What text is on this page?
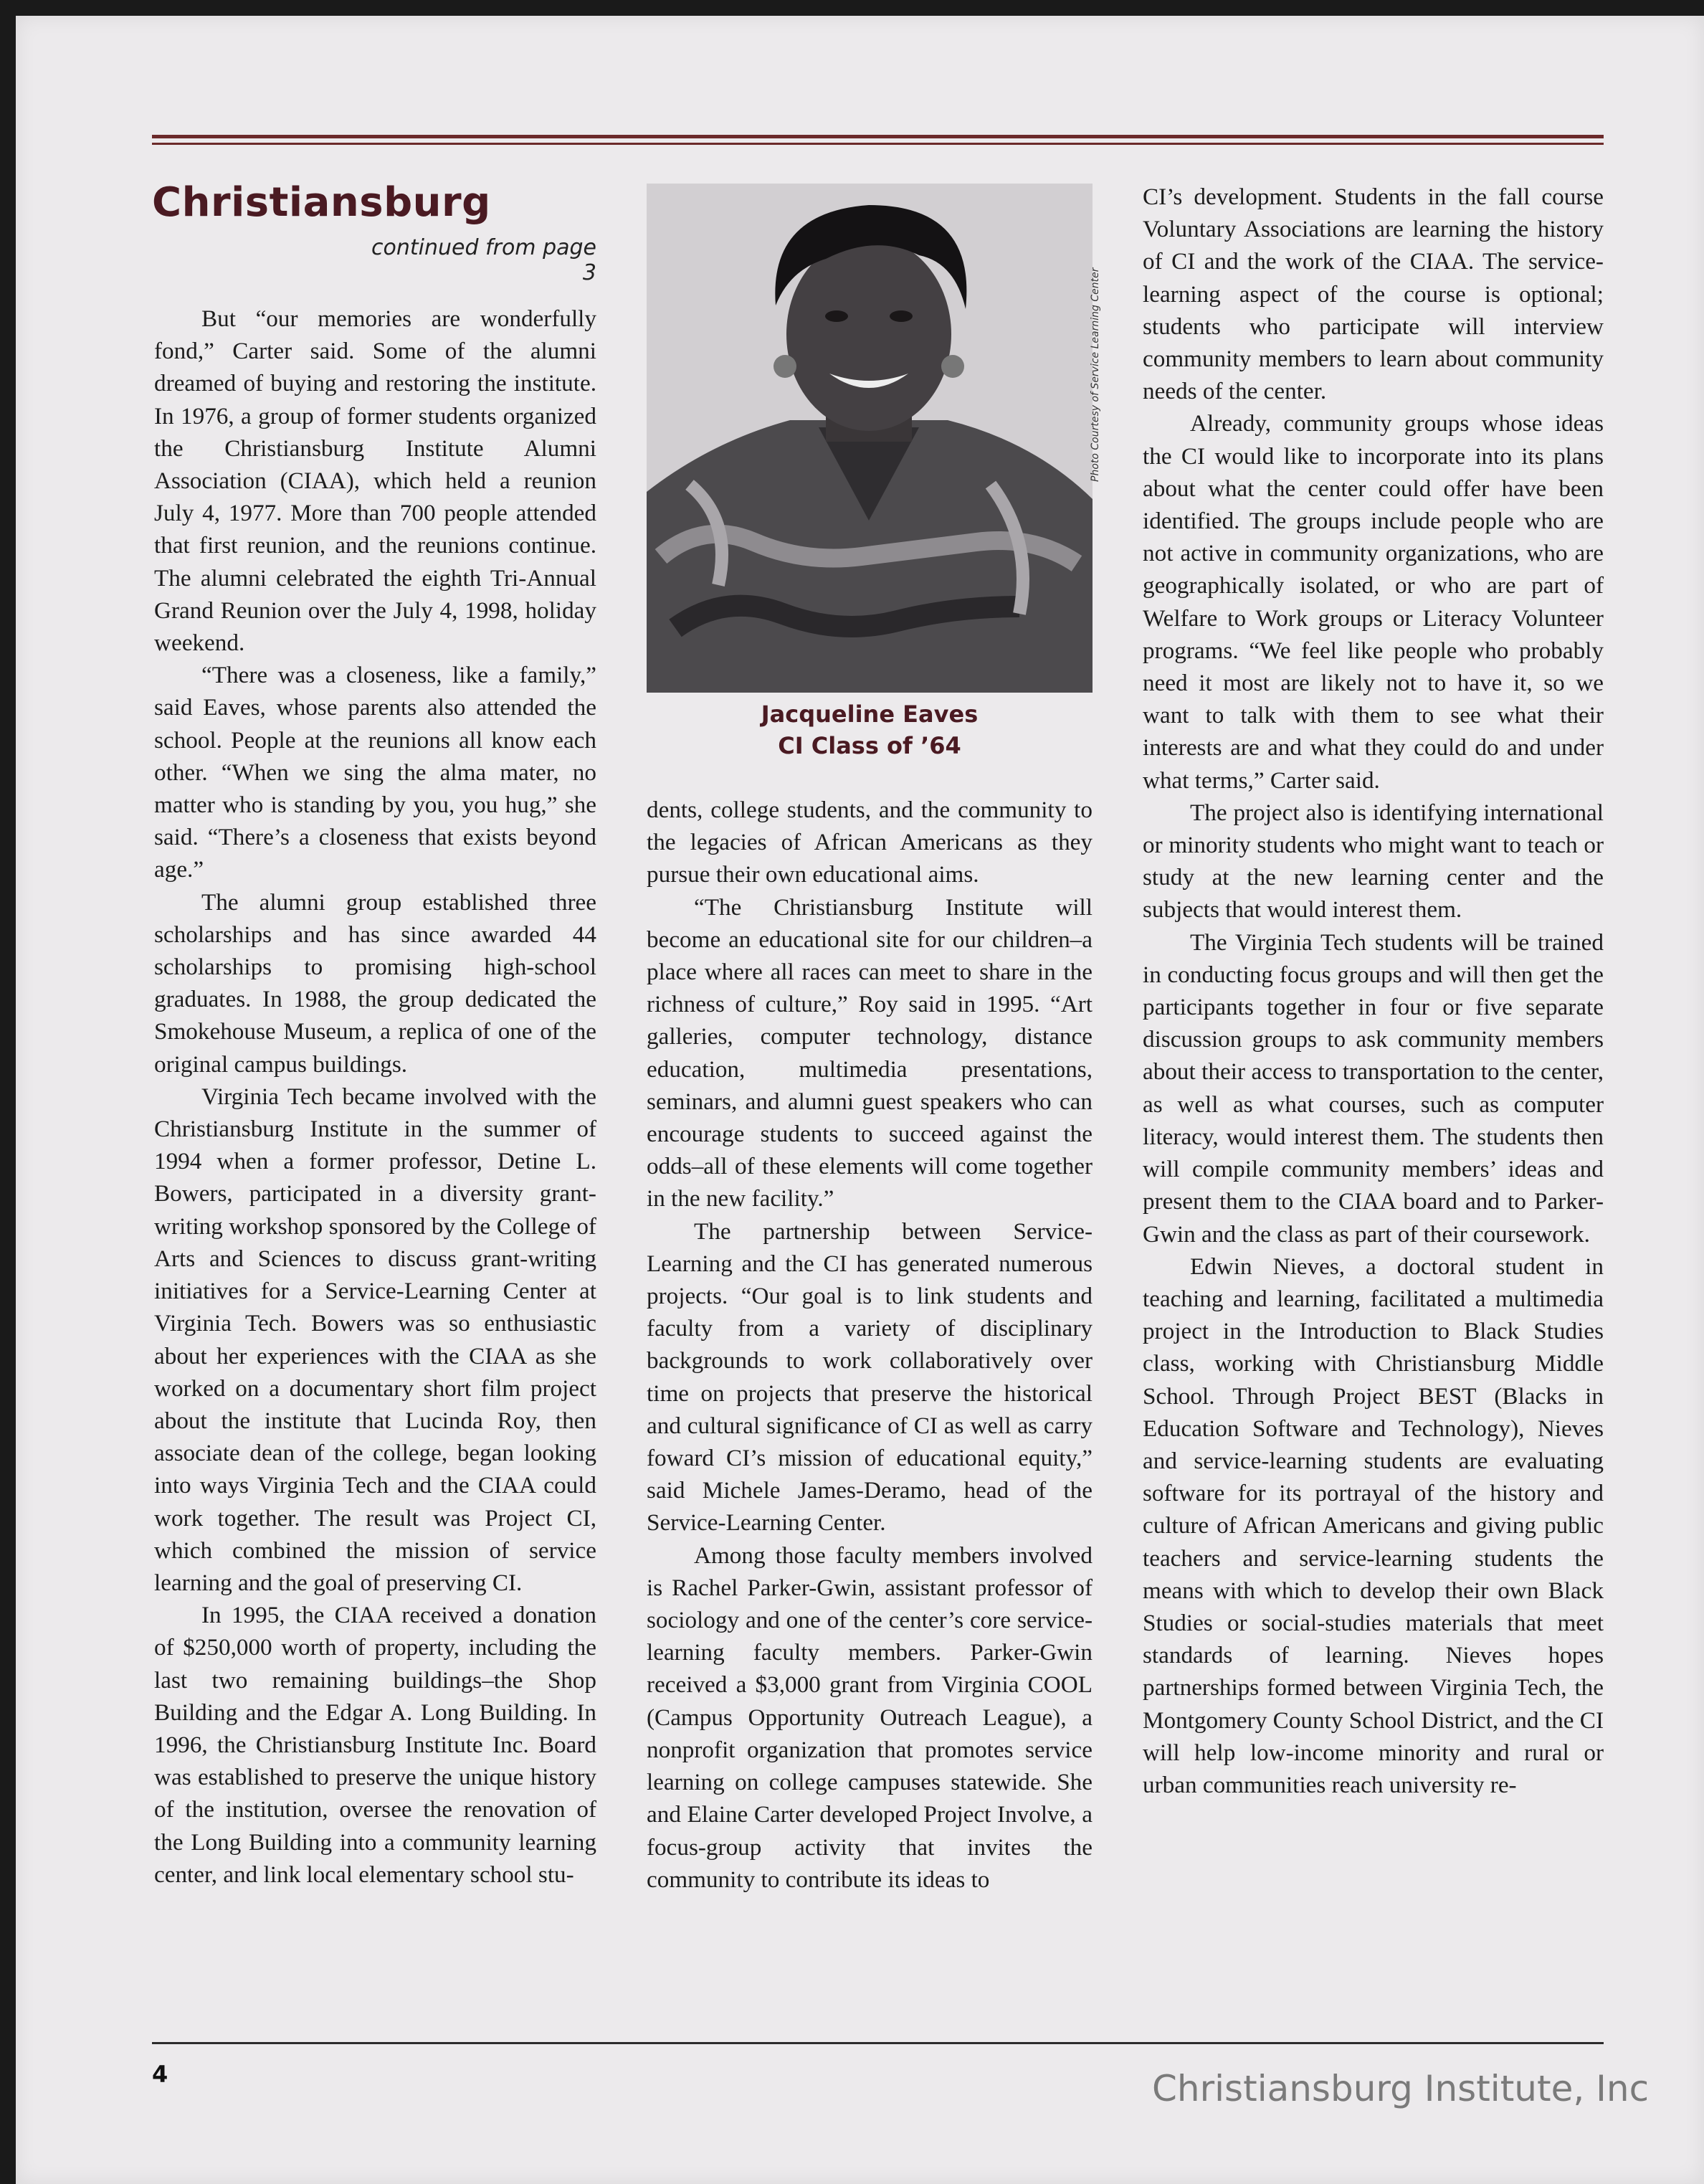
Christiansburg
continued from page 3

But “our memories are wonderfully fond,” Carter said. Some of the alumni dreamed of buying and restoring the institute. In 1976, a group of former students organized the Christiansburg Institute Alumni Association (CIAA), which held a reunion July 4, 1977. More than 700 people attended that first reunion, and the reunions continue. The alumni celebrated the eighth Tri-Annual Grand Reunion over the July 4, 1998, holiday weekend.

“There was a closeness, like a family,” said Eaves, whose parents also attended the school. People at the reunions all know each other. “When we sing the alma mater, no matter who is standing by you, you hug,” she said. “There’s a closeness that exists beyond age.”

The alumni group established three scholarships and has since awarded 44 scholarships to promising high-school graduates. In 1988, the group dedicated the Smokehouse Museum, a replica of one of the original campus buildings.

Virginia Tech became involved with the Christiansburg Institute in the summer of 1994 when a former professor, Detine L. Bowers, participated in a diversity grant-writing workshop sponsored by the College of Arts and Sciences to discuss grant-writing initiatives for a Service-Learning Center at Virginia Tech. Bowers was so enthusiastic about her experiences with the CIAA as she worked on a documentary short film project about the institute that Lucinda Roy, then associate dean of the college, began looking into ways Virginia Tech and the CIAA could work together. The result was Project CI, which combined the mission of service learning and the goal of preserving CI.

In 1995, the CIAA received a donation of $250,000 worth of property, including the last two remaining buildings–the Shop Building and the Edgar A. Long Building. In 1996, the Christiansburg Institute Inc. Board was established to preserve the unique history of the institution, oversee the renovation of the Long Building into a community learning center, and link local elementary school stu-

Photo Courtesy of Service Learning Center
Jacqueline Eaves
CI Class of ’64

dents, college students, and the community to the legacies of African Americans as they pursue their own educational aims.

“The Christiansburg Institute will become an educational site for our children–a place where all races can meet to share in the richness of culture,” Roy said in 1995. “Art galleries, computer technology, distance education, multimedia presentations, seminars, and alumni guest speakers who can encourage students to succeed against the odds–all of these elements will come together in the new facility.”

The partnership between Service-Learning and the CI has generated numerous projects. “Our goal is to link students and faculty from a variety of disciplinary backgrounds to work collaboratively over time on projects that preserve the historical and cultural significance of CI as well as carry foward CI’s mission of educational equity,” said Michele James-Deramo, head of the Service-Learning Center.

Among those faculty members involved is Rachel Parker-Gwin, assistant professor of sociology and one of the center’s core service-learning faculty members. Parker-Gwin received a $3,000 grant from Virginia COOL (Campus Opportunity Outreach League), a nonprofit organization that promotes service learning on college campuses statewide. She and Elaine Carter developed Project Involve, a focus-group activity that invites the community to contribute its ideas to

CI’s development. Students in the fall course Voluntary Associations are learning the history of CI and the work of the CIAA. The service-learning aspect of the course is optional; students who participate will interview community members to learn about community needs of the center.

Already, community groups whose ideas the CI would like to incorporate into its plans about what the center could offer have been identified. The groups include people who are not active in community organizations, who are geographically isolated, or who are part of Welfare to Work groups or Literacy Volunteer programs. “We feel like people who probably need it most are likely not to have it, so we want to talk with them to see what their interests are and what they could do and under what terms,” Carter said.

The project also is identifying international or minority students who might want to teach or study at the new learning center and the subjects that would interest them.

The Virginia Tech students will be trained in conducting focus groups and will then get the participants together in four or five separate discussion groups to ask community members about their access to transportation to the center, as well as what courses, such as computer literacy, would interest them. The students then will compile community members’ ideas and present them to the CIAA board and to Parker-Gwin and the class as part of their coursework.

Edwin Nieves, a doctoral student in teaching and learning, facilitated a multimedia project in the Introduction to Black Studies class, working with Christiansburg Middle School. Through Project BEST (Blacks in Education Software and Technology), Nieves and service-learning students are evaluating software for its portrayal of the history and culture of African Americans and giving public teachers and service-learning students the means with which to develop their own Black Studies or social-studies materials that meet standards of learning. Nieves hopes partnerships formed between Virginia Tech, the Montgomery County School District, and the CI will help low-income minority and rural or urban communities reach university re-

4	Christiansburg Institute, Inc
